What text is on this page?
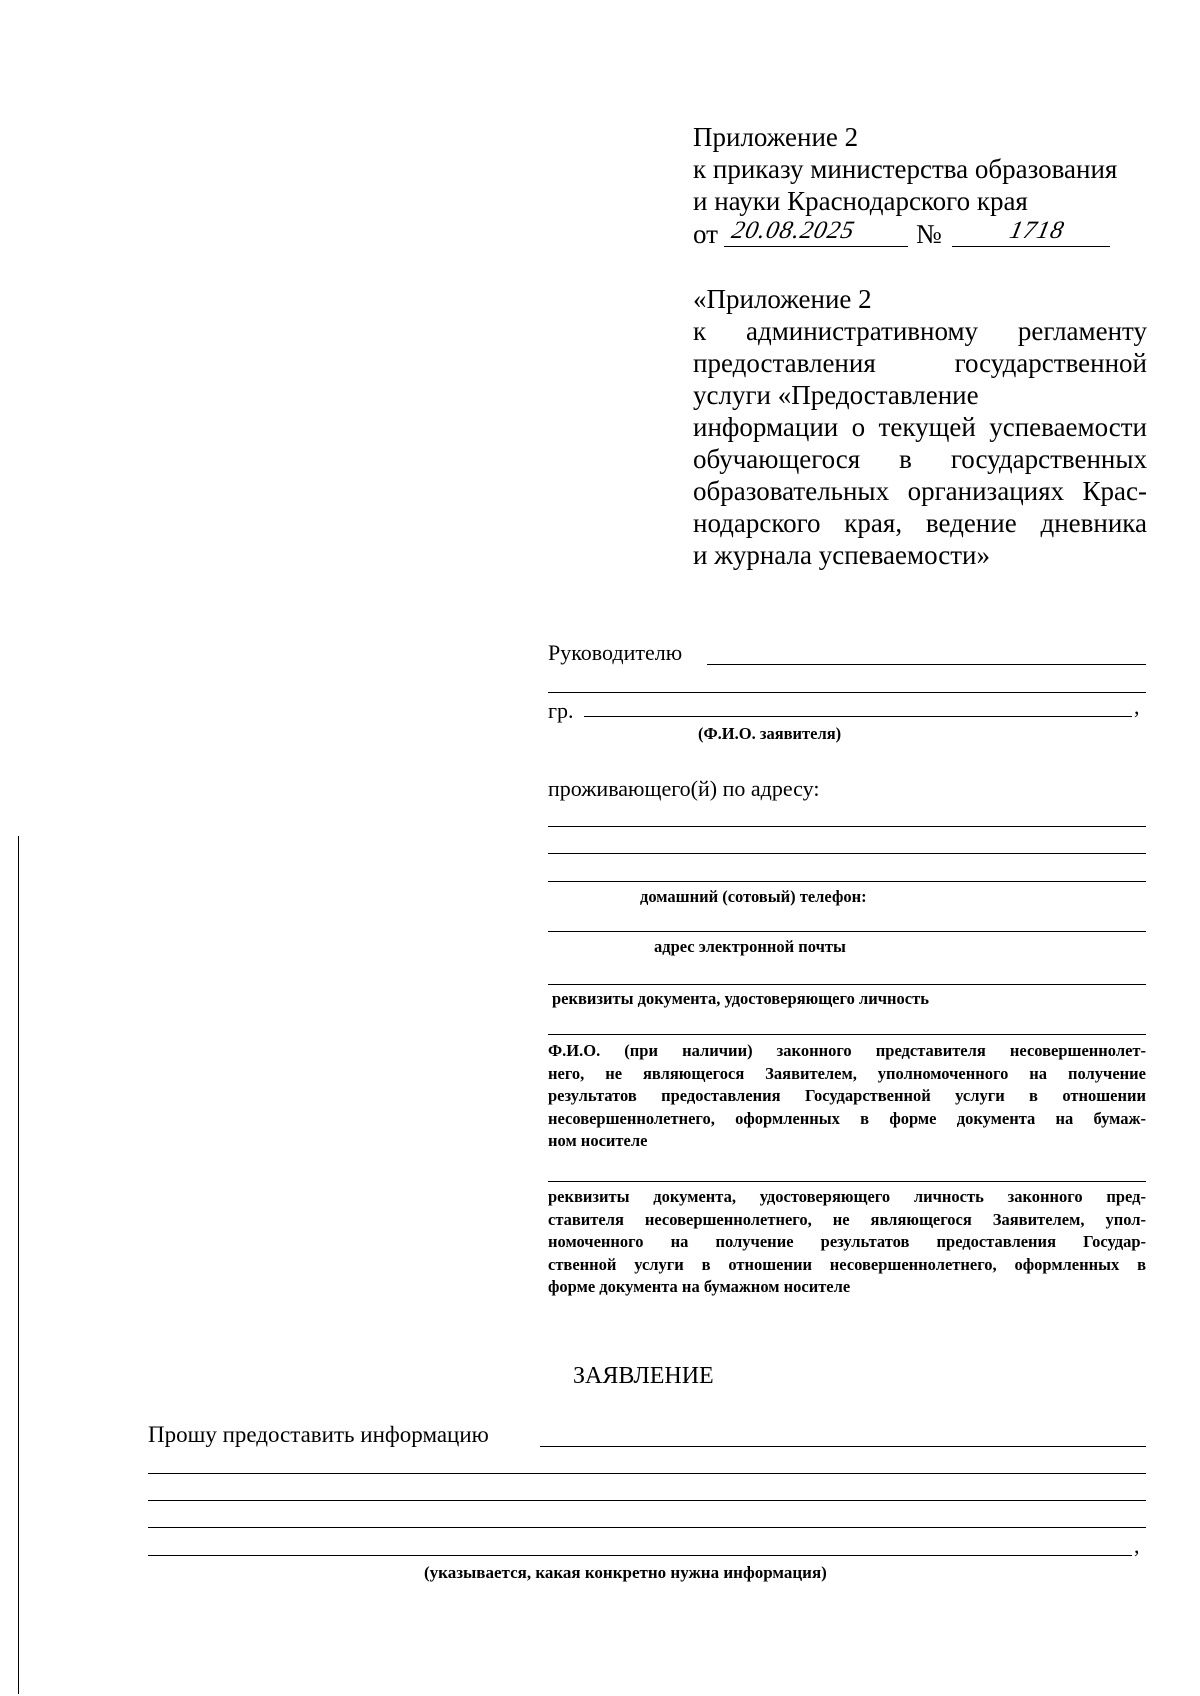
Приложение 2
к приказу министерства образования
и науки Краснодарского края
от 20.08.2025 №	1718
«Приложение 2
к административному регламенту
предоставления государственной
услуги «Предоставление
информации о текущей успеваемости
обучающегося в государственных
образовательных организациях Крас-
нодарского края, ведение дневника
и журнала успеваемости»
Руководителю
гр.	,
(Ф.И.О. заявителя)
проживающего(й) по адресу:
домашний (сотовый) телефон:
адрес электронной почты
реквизиты документа, удостоверяющего личность
Ф.И.О. (при наличии) законного представителя несовершеннолет-
него, не являющегося Заявителем, уполномоченного на получение
результатов предоставления Государственной услуги в отношении
несовершеннолетнего, оформленных в форме документа на бумаж-
ном носителе
реквизиты документа, удостоверяющего личность законного пред-
ставителя несовершеннолетнего, не являющегося Заявителем, упол-
номоченного на получение результатов предоставления Государ-
ственной услуги в отношении несовершеннолетнего, оформленных в
форме документа на бумажном носителе
ЗАЯВЛЕНИЕ
Прошу предоставить информацию
,
(указывается, какая конкретно нужна информация)
